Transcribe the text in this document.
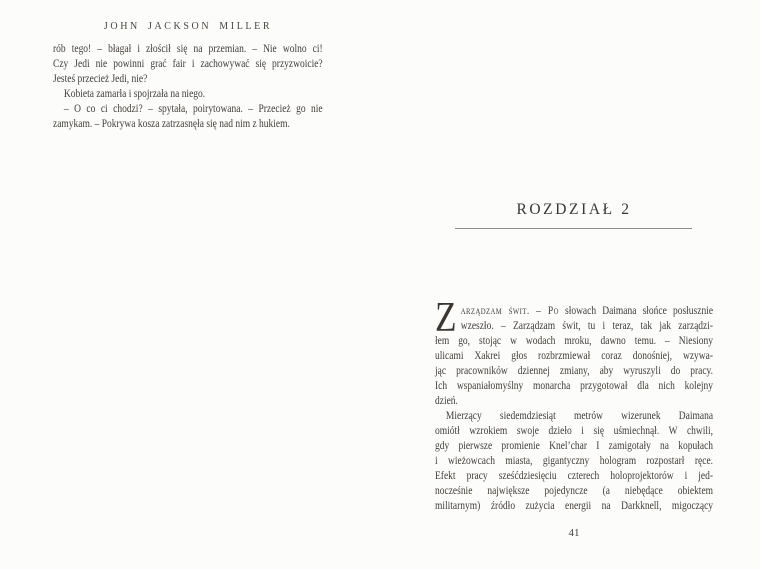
JOHN JACKSON MILLER
rób tego! – błagał i złościł się na przemian. – Nie wolno ci!
Czy Jedi nie powinni grać fair i zachowywać się przyzwoicie?
Jesteś przecież Jedi, nie?
Kobieta zamarła i spojrzała na niego.
– O co ci chodzi? – spytała, poirytowana. – Przecież go nie
zamykam. – Pokrywa kosza zatrzasnęła się nad nim z hukiem.
ROZDZIAŁ 2
Z arządzam świt. – Po słowach Daimana słońce posłusznie
wzeszło. – Zarządzam świt, tu i teraz, tak jak zarządzi-
łem go, stojąc w wodach mroku, dawno temu. – Niesiony
ulicami Xakrei głos rozbrzmiewał coraz donośniej, wzywa-
jąc pracowników dziennej zmiany, aby wyruszyli do pracy.
Ich wspaniałomyślny monarcha przygotował dla nich kolejny
dzień.
Mierzący siedemdziesiąt metrów wizerunek Daimana
omiótł wzrokiem swoje dzieło i się uśmiechnął. W chwili,
gdy pierwsze promienie Knel’char I zamigotały na kopułach
i wieżowcach miasta, gigantyczny hologram rozpostarł ręce.
Efekt pracy sześćdziesięciu czterech holoprojektorów i jed-
nocześnie największe pojedyncze (a niebędące obiektem
militarnym) źródło zużycia energii na Darkknell, migoczący
41
